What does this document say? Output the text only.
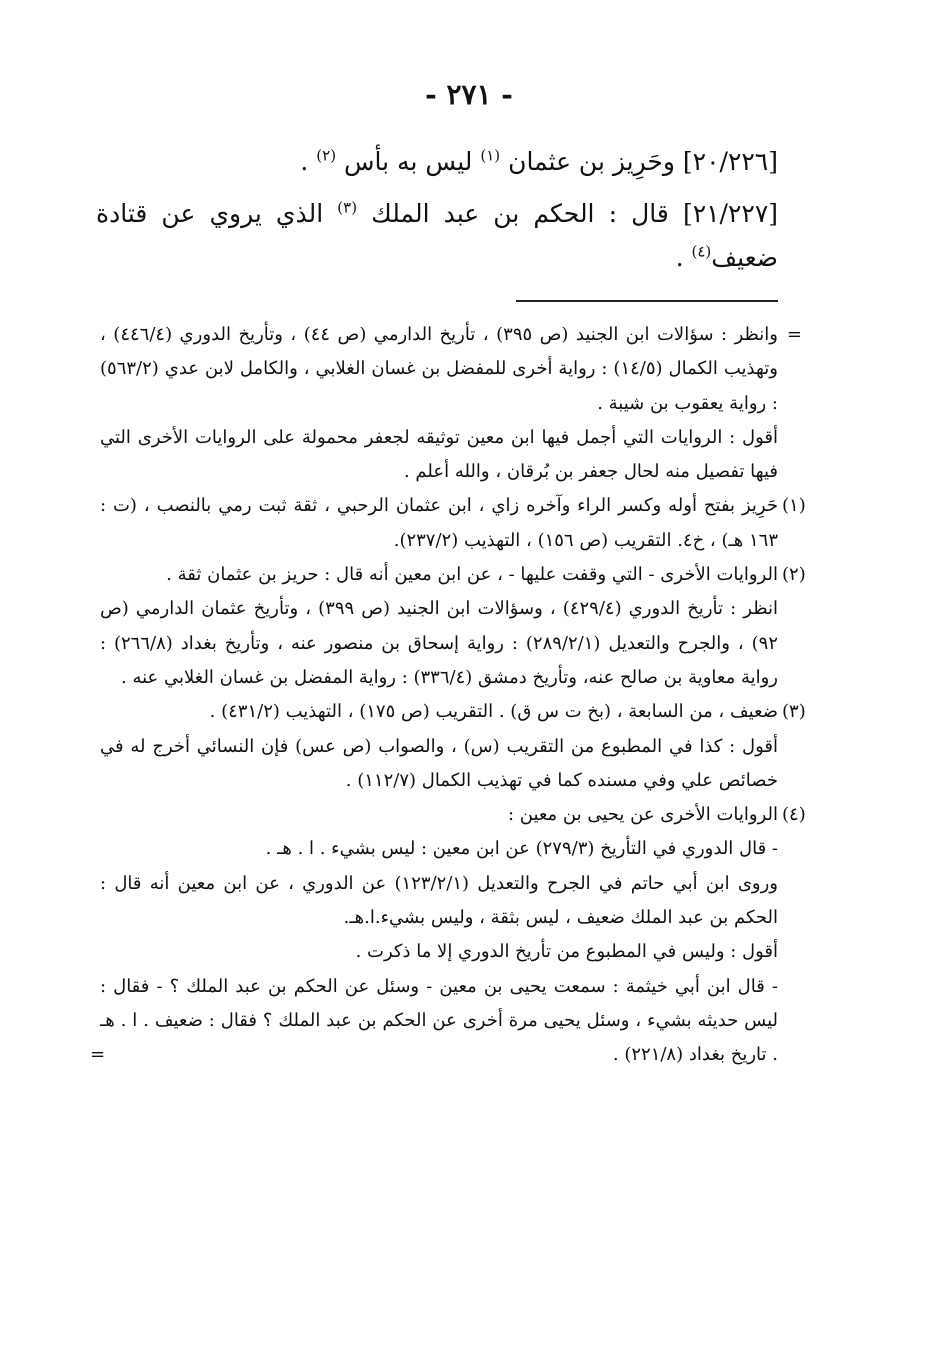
- ٢٧١ -

[٢٠/٢٢٦] وحَرِيز بن عثمان $^{(١)}$ ليس به بأس $^{(٢)}$ .

[٢١/٢٢٧] قال : الحكم بن عبد الملك $^{(٣)}$ الذي يروي عن قتادة ضعيف$^{(٤)}$ .

=

وانظر : سؤالات ابن الجنيد (ص ٣٩٥) ، تأريخ الدارمي (ص ٤٤) ، وتأريخ الدوري (٤٤٦/٤) ، وتهذيب الكمال (١٤/٥) : رواية أخرى للمفضل بن غسان الغلابي ، والكامل لابن عدي (٥٦٣/٢) : رواية يعقوب بن شيبة .

أقول : الروايات التي أجمل فيها ابن معين توثيقه لجعفر محمولة على الروايات الأخرى التي فيها تفصيل منه لحال جعفر بن بُرقان ، والله أعلم .

(١)

حَرِيز بفتح أوله وكسر الراء وآخره زاي ، ابن عثمان الرحبي ، ثقة ثبت رمي بالنصب ، (ت : ١٦٣ هـ) ، خ٤. التقريب (ص ١٥٦) ، التهذيب (٢٣٧/٢).

(٢)

الروايات الأخرى - التي وقفت عليها - ، عن ابن معين أنه قال : حريز بن عثمان ثقة .

انظر : تأريخ الدوري (٤٢٩/٤) ، وسؤالات ابن الجنيد (ص ٣٩٩) ، وتأريخ عثمان الدارمي (ص ٩٢) ، والجرح والتعديل (٢٨٩/٢/١) : رواية إسحاق بن منصور عنه ، وتأريخ بغداد (٢٦٦/٨) : رواية معاوية بن صالح عنه، وتأريخ دمشق (٣٣٦/٤) : رواية المفضل بن غسان الغلابي عنه .

(٣)

ضعيف ، من السابعة ، (بخ ت س ق) . التقريب (ص ١٧٥) ، التهذيب (٤٣١/٢) .

أقول : كذا في المطبوع من التقريب (س) ، والصواب (ص عس) فإن النسائي أخرج له في خصائص علي وفي مسنده كما في تهذيب الكمال (١١٢/٧) .

(٤)

الروايات الأخرى عن يحيى بن معين :

- قال الدوري في التأريخ (٢٧٩/٣) عن ابن معين : ليس بشيء . ا . هـ .

وروى ابن أبي حاتم في الجرح والتعديل (١٢٣/٢/١) عن الدوري ، عن ابن معين أنه قال : الحكم بن عبد الملك ضعيف ، ليس بثقة ، وليس بشيء.ا.هـ.

أقول : وليس في المطبوع من تأريخ الدوري إلا ما ذكرت .

- قال ابن أبي خيثمة : سمعت يحيى بن معين - وسئل عن الحكم بن عبد الملك ؟ - فقال : ليس حديثه بشيء ، وسئل يحيى مرة أخرى عن الحكم بن عبد الملك ؟ فقال : ضعيف . ا . هـ . تاريخ بغداد (٢٢١/٨) .

=
